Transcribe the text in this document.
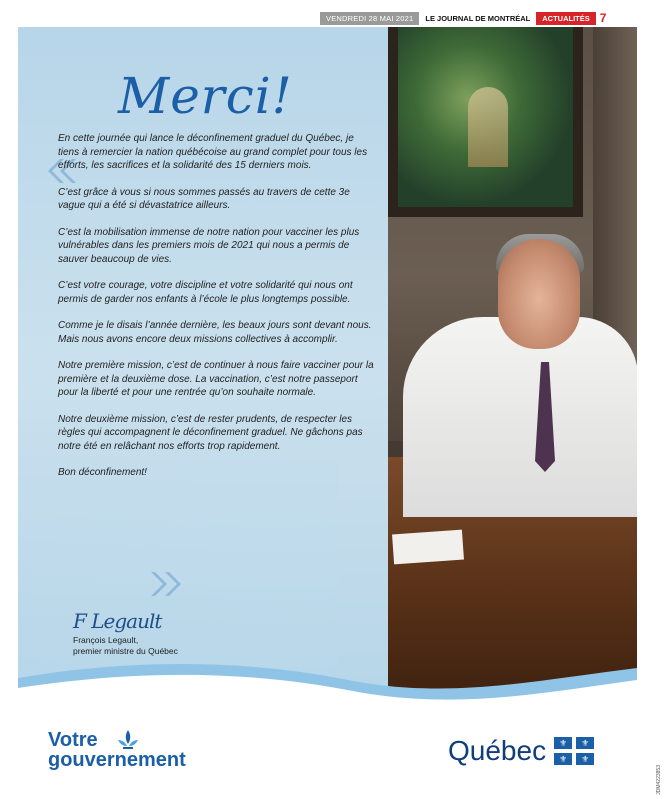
VENDREDI 28 MAI 2021	LE JOURNAL DE MONTRÉAL	ACTUALITÉS 7
Merci!

En cette journée qui lance le déconfinement graduel du Québec, je tiens à remercier la nation québécoise au grand complet pour tous les efforts, les sacrifices et la solidarité des 15 derniers mois.

C’est grâce à vous si nous sommes passés au travers de cette 3e vague qui a été si dévastatrice ailleurs.

C’est la mobilisation immense de notre nation pour vacciner les plus vulnérables dans les premiers mois de 2021 qui nous a permis de sauver beaucoup de vies.

C’est votre courage, votre discipline et votre solidarité qui nous ont permis de garder nos enfants à l’école le plus longtemps possible.

Comme je le disais l’année dernière, les beaux jours sont devant nous. Mais nous avons encore deux missions collectives à accomplir.

Notre première mission, c’est de continuer à nous faire vacciner pour la première et la deuxième dose. La vaccination, c’est notre passeport pour la liberté et pour une rentrée qu’on souhaite normale.

Notre deuxième mission, c’est de rester prudents, de respecter les règles qui accompagnent le déconfinement graduel. Ne gâchons pas notre été en relâchant nos efforts trop rapidement.

Bon déconfinement!

F Legault
François Legault,
premier ministre du Québec
Votre
gouvernement	Québec ⚜ ⚜
⚜ ⚜
JDM4223853
